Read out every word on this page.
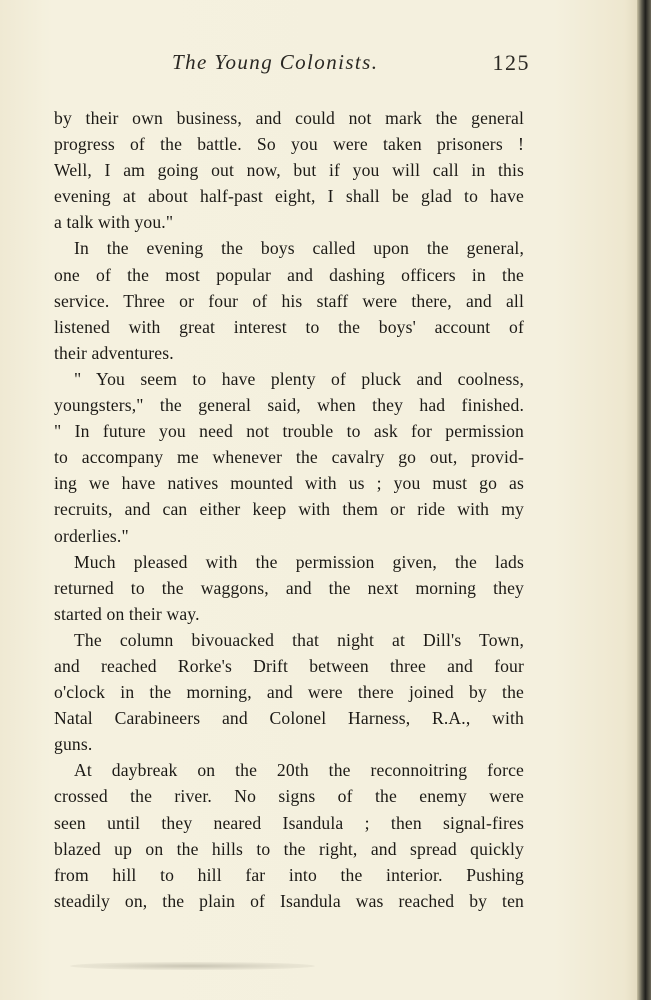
The Young Colonists.	125
by their own business, and could not mark the general
progress of the battle. So you were taken prisoners !
Well, I am going out now, but if you will call in this
evening at about half-past eight, I shall be glad to have
a talk with you."
In the evening the boys called upon the general,
one of the most popular and dashing officers in the
service. Three or four of his staff were there, and all
listened with great interest to the boys' account of
their adventures.
" You seem to have plenty of pluck and coolness,
youngsters," the general said, when they had finished.
" In future you need not trouble to ask for permission
to accompany me whenever the cavalry go out, provid-
ing we have natives mounted with us ; you must go as
recruits, and can either keep with them or ride with my
orderlies."
Much pleased with the permission given, the lads
returned to the waggons, and the next morning they
started on their way.
The column bivouacked that night at Dill's Town,
and reached Rorke's Drift between three and four
o'clock in the morning, and were there joined by the
Natal Carabineers and Colonel Harness, R.A., with
guns.
At daybreak on the 20th the reconnoitring force
crossed the river. No signs of the enemy were
seen until they neared Isandula ; then signal-fires
blazed up on the hills to the right, and spread quickly
from hill to hill far into the interior. Pushing
steadily on, the plain of Isandula was reached by ten
